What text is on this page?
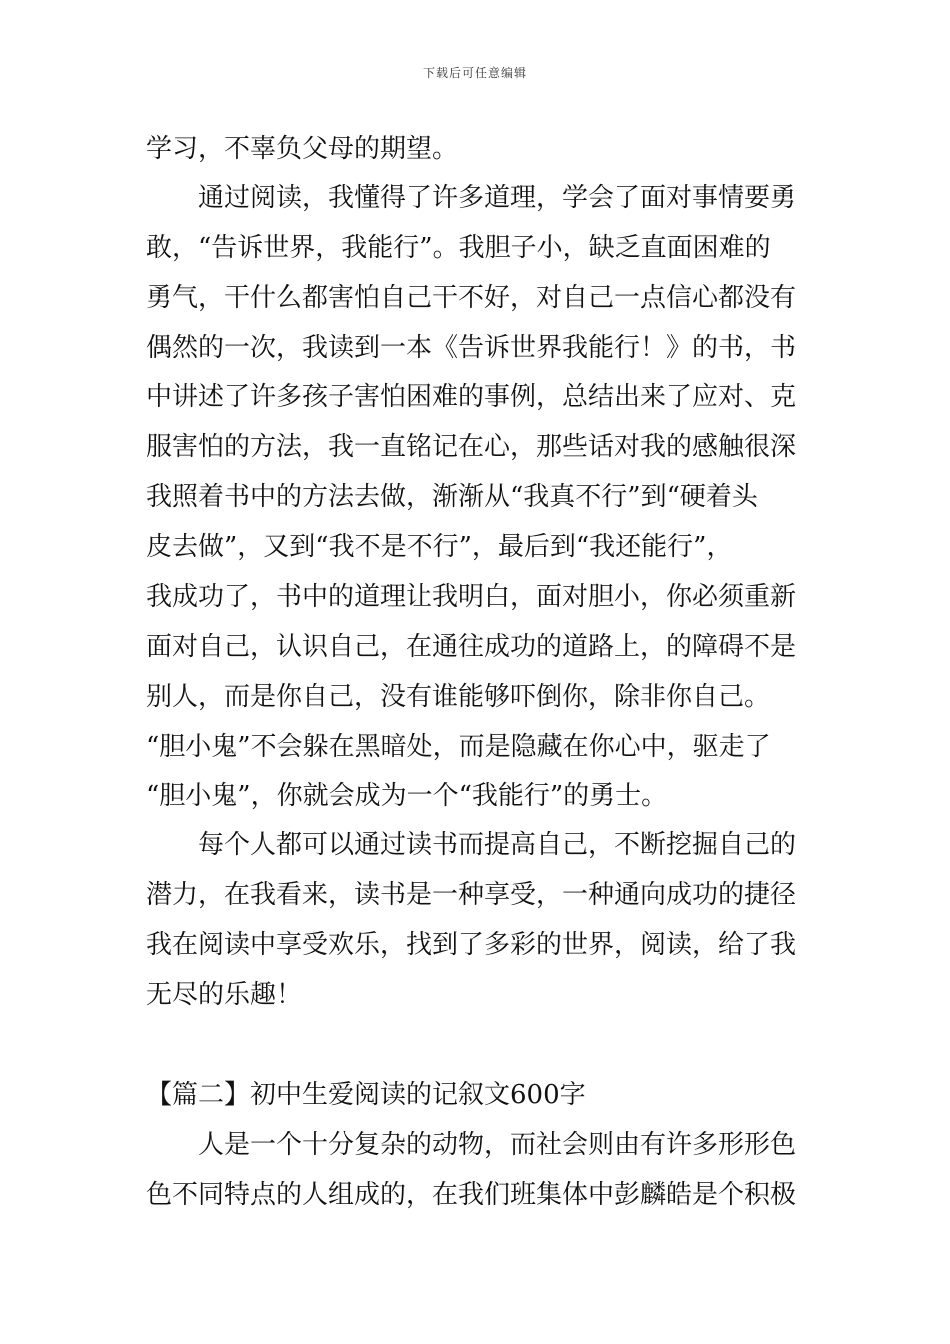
下载后可任意编辑
学习，不辜负父母的期望。
通过阅读，我懂得了许多道理，学会了面对事情要勇
敢，“告诉世界，我能行”。我胆子小，缺乏直面困难的
勇气，干什么都害怕自己干不好，对自己一点信心都没有
偶然的一次，我读到一本《告诉世界我能行！》的书，书
中讲述了许多孩子害怕困难的事例，总结出来了应对、克
服害怕的方法，我一直铭记在心，那些话对我的感触很深
我照着书中的方法去做，渐渐从“我真不行”到“硬着头
皮去做”，又到“我不是不行”，最后到“我还能行”，
我成功了，书中的道理让我明白，面对胆小，你必须重新
面对自己，认识自己，在通往成功的道路上，的障碍不是
别人，而是你自己，没有谁能够吓倒你，除非你自己。
“胆小鬼”不会躲在黑暗处，而是隐藏在你心中，驱走了
“胆小鬼”，你就会成为一个“我能行”的勇士。
每个人都可以通过读书而提高自己，不断挖掘自己的
潜力，在我看来，读书是一种享受，一种通向成功的捷径
我在阅读中享受欢乐，找到了多彩的世界，阅读，给了我
无尽的乐趣！
【篇二】初中生爱阅读的记叙文600字
人是一个十分复杂的动物，而社会则由有许多形形色
色不同特点的人组成的，在我们班集体中彭麟皓是个积极
